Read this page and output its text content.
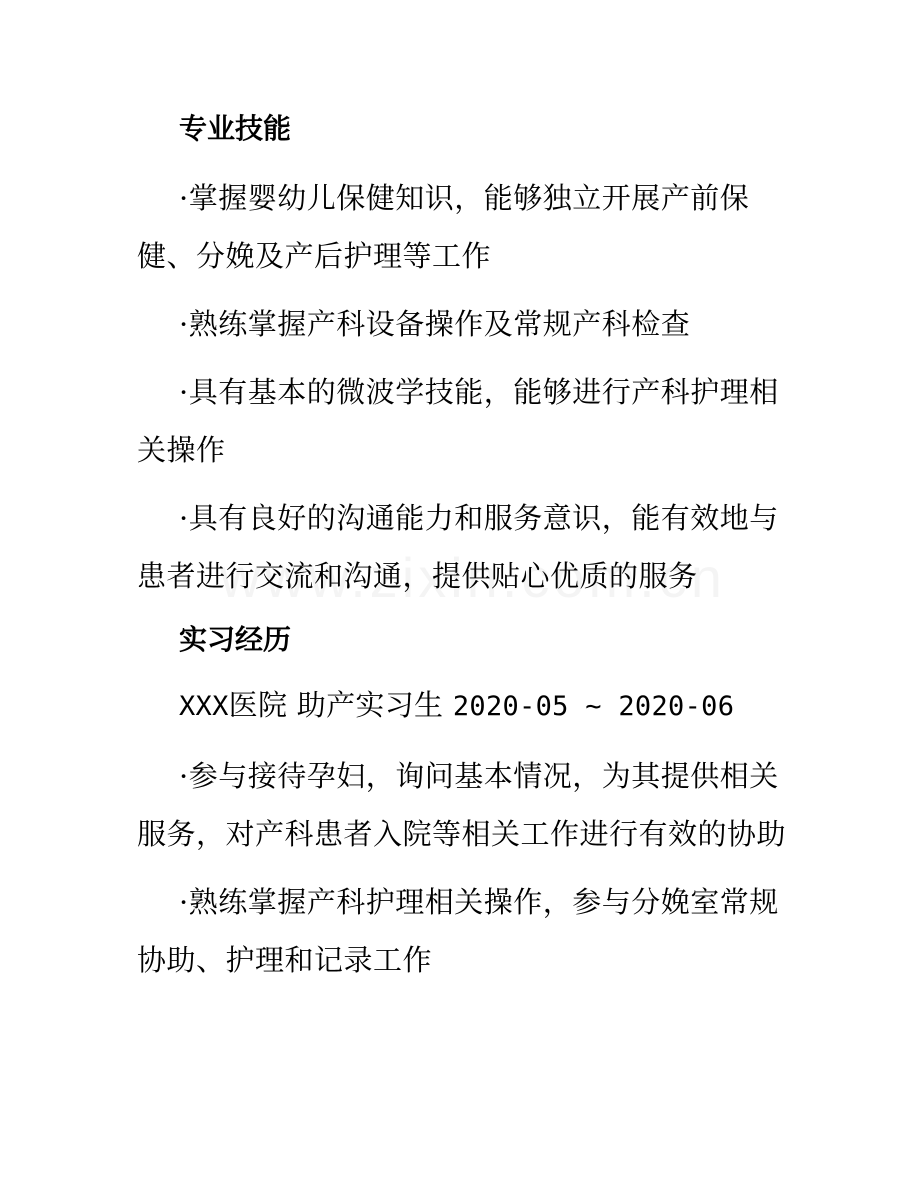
专业技能

·掌握婴幼儿保健知识，能够独立开展产前保健、分娩及产后护理等工作

·熟练掌握产科设备操作及常规产科检查

·具有基本的微波学技能，能够进行产科护理相关操作

·具有良好的沟通能力和服务意识，能有效地与患者进行交流和沟通，提供贴心优质的服务

实习经历
XXX医院 助产实习生 2020-05 ~ 2020-06

·参与接待孕妇，询问基本情况，为其提供相关服务，对产科患者入院等相关工作进行有效的协助

·熟练掌握产科护理相关操作，参与分娩室常规协助、护理和记录工作
